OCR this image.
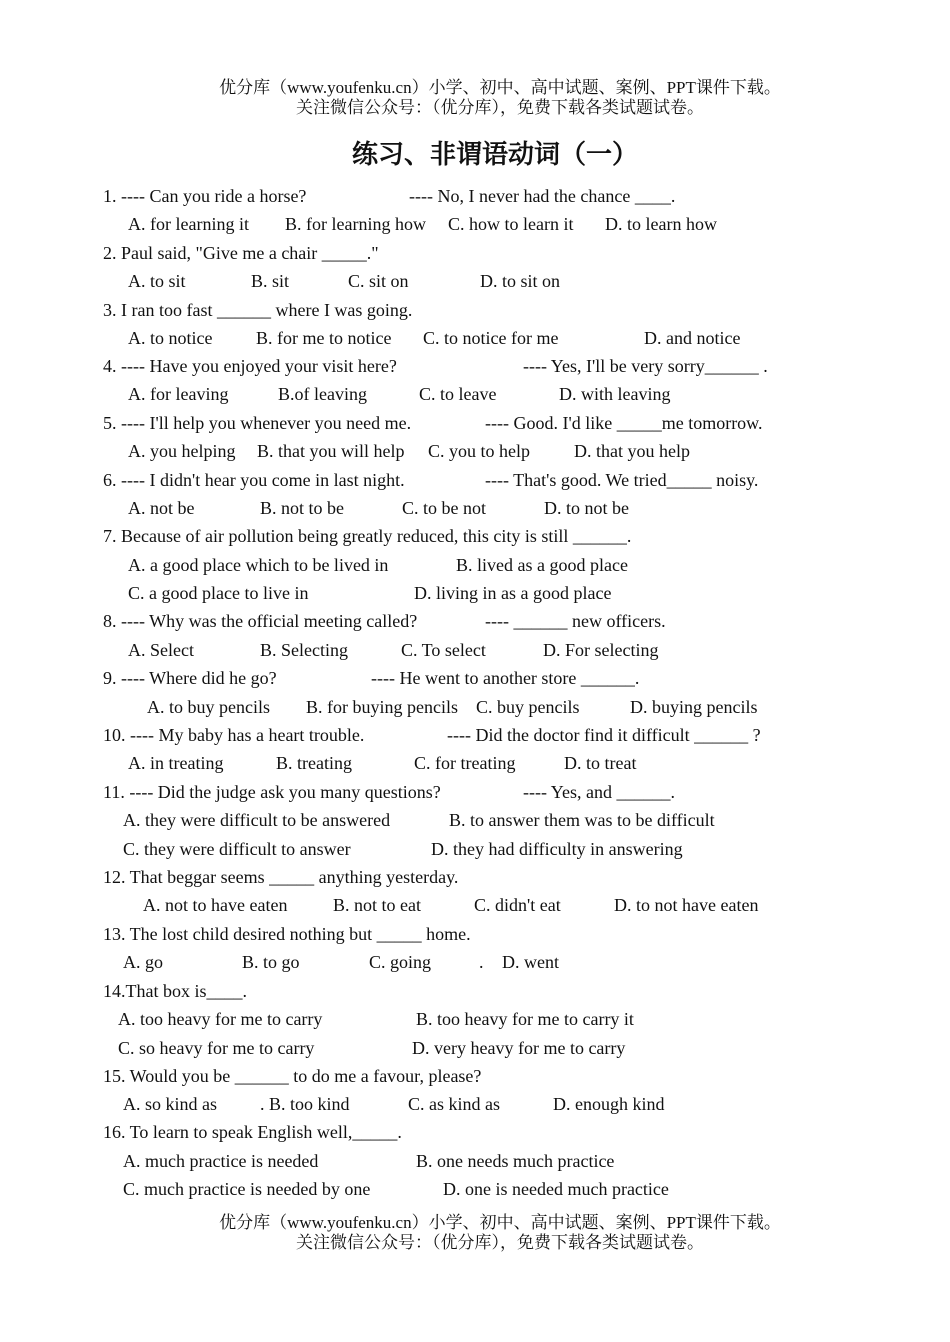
优分库（www.youfenku.cn）小学、初中、高中试题、案例、PPT课件下载。
关注微信公众号：（优分库），免费下载各类试题试卷。
练习、非谓语动词（一）
1. ---- Can you ride a horse?	---- No, I never had the chance ____.
A. for learning it B. for learning how C. how to learn it D. to learn how
2. Paul said, "Give me a chair _____."
A. to sit	B. sit	C. sit on	D. to sit on
3. I ran too fast ______ where I was going.
A. to notice B. for me to notice C. to notice for me	D. and notice
4. ---- Have you enjoyed your visit here?	---- Yes, I'll be very sorry______ .
A. for leaving	B.of leaving	C. to leave	D. with leaving
5. ---- I'll help you whenever you need me.	---- Good. I'd like _____me tomorrow.
A. you helping B. that you will help C. you to help D. that you help
6. ---- I didn't hear you come in last night.	---- That's good. We tried_____ noisy.
A. not be	B. not to be	C. to be not	D. to not be
7. Because of air pollution being greatly reduced, this city is still ______.
A. a good place which to be lived in	B. lived as a good place
C. a good place to live in	D. living in as a good place
8. ---- Why was the official meeting called?	---- ______ new officers.
A. Select	B. Selecting	C. To select	D. For selecting
9. ---- Where did he go?	---- He went to another store ______.
A. to buy pencils B. for buying pencils C. buy pencils	D. buying pencils
10. ---- My baby has a heart trouble.	---- Did the doctor find it difficult ______ ?
A. in treating	B. treating	C. for treating	D. to treat
11. ---- Did the judge ask you many questions?	---- Yes, and ______.
A. they were difficult to be answered	B. to answer them was to be difficult
C. they were difficult to answer	D. they had difficulty in answering
12. That beggar seems _____ anything yesterday.
A. not to have eaten	B. not to eat	C. didn't eat	D. to not have eaten
13. The lost child desired nothing but _____ home.
A. go	B. to go	C. going	. D. went
14.That box is____.
A. too heavy for me to carry	B. too heavy for me to carry it
C. so heavy for me to carry	D. very heavy for me to carry
15. Would you be ______ to do me a favour, please?
A. so kind as . B. too kind	C. as kind as	D. enough kind
16. To learn to speak English well,_____.
A. much practice is needed	B. one needs much practice
C. much practice is needed by one	D. one is needed much practice
优分库（www.youfenku.cn）小学、初中、高中试题、案例、PPT课件下载。
关注微信公众号：（优分库），免费下载各类试题试卷。
